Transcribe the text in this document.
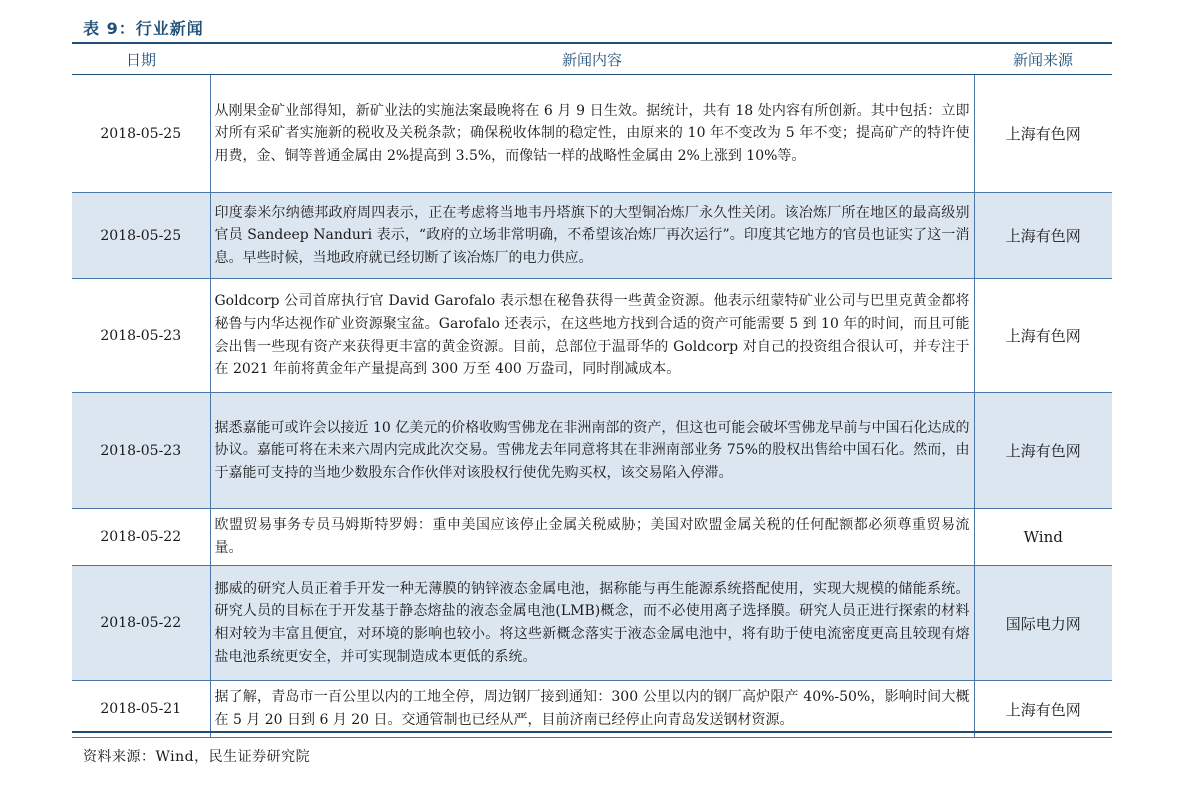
表 9：行业新闻
日期	新闻内容	新闻来源
2018-05-25	从刚果金矿业部得知，新矿业法的实施法案最晚将在 6 月 9 日生效。据统计，共有 18 处内容有所创新。其中包括：立即对所有采矿者实施新的税收及关税条款；确保税收体制的稳定性，由原来的 10 年不变改为 5 年不变；提高矿产的特许使用费，金、铜等普通金属由 2%提高到 3.5%，而像钴一样的战略性金属由 2%上涨到 10%等。	上海有色网
2018-05-25	印度泰米尔纳德邦政府周四表示，正在考虑将当地韦丹塔旗下的大型铜冶炼厂永久性关闭。该冶炼厂所在地区的最高级别官员 Sandeep Nanduri 表示，“政府的立场非常明确，不希望该冶炼厂再次运行”。印度其它地方的官员也证实了这一消息。早些时候，当地政府就已经切断了该冶炼厂的电力供应。	上海有色网
2018-05-23	Goldcorp 公司首席执行官 David Garofalo 表示想在秘鲁获得一些黄金资源。他表示纽蒙特矿业公司与巴里克黄金都将秘鲁与内华达视作矿业资源聚宝盆。Garofalo 还表示，在这些地方找到合适的资产可能需要 5 到 10 年的时间，而且可能会出售一些现有资产来获得更丰富的黄金资源。目前，总部位于温哥华的 Goldcorp 对自己的投资组合很认可，并专注于在 2021 年前将黄金年产量提高到 300 万至 400 万盎司，同时削减成本。	上海有色网
2018-05-23	据悉嘉能可或许会以接近 10 亿美元的价格收购雪佛龙在非洲南部的资产，但这也可能会破坏雪佛龙早前与中国石化达成的协议。嘉能可将在未来六周内完成此次交易。雪佛龙去年同意将其在非洲南部业务 75%的股权出售给中国石化。然而，由于嘉能可支持的当地少数股东合作伙伴对该股权行使优先购买权，该交易陷入停滞。	上海有色网
2018-05-22	欧盟贸易事务专员马姆斯特罗姆：重申美国应该停止金属关税威胁；美国对欧盟金属关税的任何配额都必须尊重贸易流量。	Wind
2018-05-22	挪威的研究人员正着手开发一种无薄膜的钠锌液态金属电池，据称能与再生能源系统搭配使用，实现大规模的储能系统。研究人员的目标在于开发基于静态熔盐的液态金属电池(LMB)概念，而不必使用离子选择膜。研究人员正进行探索的材料相对较为丰富且便宜，对环境的影响也较小。将这些新概念落实于液态金属电池中，将有助于使电流密度更高且较现有熔盐电池系统更安全，并可实现制造成本更低的系统。	国际电力网
2018-05-21	据了解，青岛市一百公里以内的工地全停，周边钢厂接到通知：300 公里以内的钢厂高炉限产 40%-50%，影响时间大概在 5 月 20 日到 6 月 20 日。交通管制也已经从严，目前济南已经停止向青岛发送钢材资源。	上海有色网
资料来源：Wind，民生证券研究院
